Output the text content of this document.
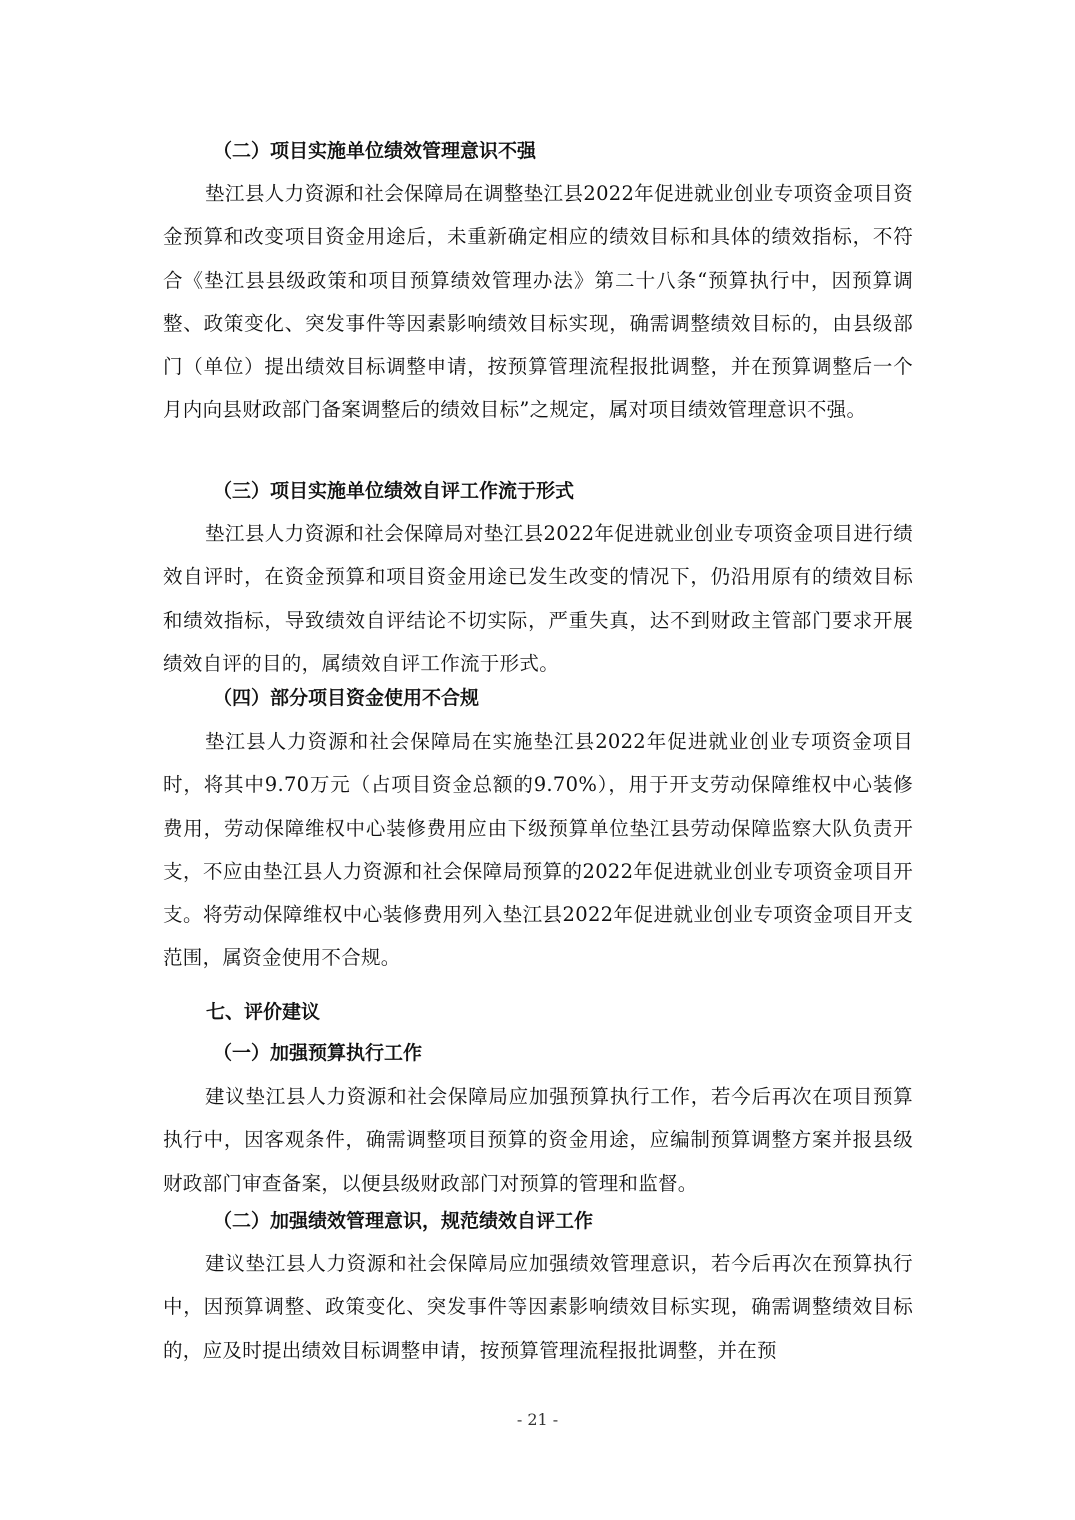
（二）项目实施单位绩效管理意识不强

垫江县人力资源和社会保障局在调整垫江县2022年促进就业创业专项资金项目资金预算和改变项目资金用途后，未重新确定相应的绩效目标和具体的绩效指标，不符合《垫江县县级政策和项目预算绩效管理办法》第二十八条“预算执行中，因预算调整、政策变化、突发事件等因素影响绩效目标实现，确需调整绩效目标的，由县级部门（单位）提出绩效目标调整申请，按预算管理流程报批调整，并在预算调整后一个月内向县财政部门备案调整后的绩效目标”之规定，属对项目绩效管理意识不强。

（三）项目实施单位绩效自评工作流于形式

垫江县人力资源和社会保障局对垫江县2022年促进就业创业专项资金项目进行绩效自评时，在资金预算和项目资金用途已发生改变的情况下，仍沿用原有的绩效目标和绩效指标，导致绩效自评结论不切实际，严重失真，达不到财政主管部门要求开展绩效自评的目的，属绩效自评工作流于形式。

（四）部分项目资金使用不合规

垫江县人力资源和社会保障局在实施垫江县2022年促进就业创业专项资金项目时，将其中9.70万元（占项目资金总额的9.70%），用于开支劳动保障维权中心装修费用，劳动保障维权中心装修费用应由下级预算单位垫江县劳动保障监察大队负责开支，不应由垫江县人力资源和社会保障局预算的2022年促进就业创业专项资金项目开支。将劳动保障维权中心装修费用列入垫江县2022年促进就业创业专项资金项目开支范围，属资金使用不合规。

七、评价建议

（一）加强预算执行工作

建议垫江县人力资源和社会保障局应加强预算执行工作，若今后再次在项目预算执行中，因客观条件，确需调整项目预算的资金用途，应编制预算调整方案并报县级财政部门审查备案，以便县级财政部门对预算的管理和监督。

（二）加强绩效管理意识，规范绩效自评工作

建议垫江县人力资源和社会保障局应加强绩效管理意识，若今后再次在预算执行中，因预算调整、政策变化、突发事件等因素影响绩效目标实现，确需调整绩效目标的，应及时提出绩效目标调整申请，按预算管理流程报批调整，并在预

- 21 -
